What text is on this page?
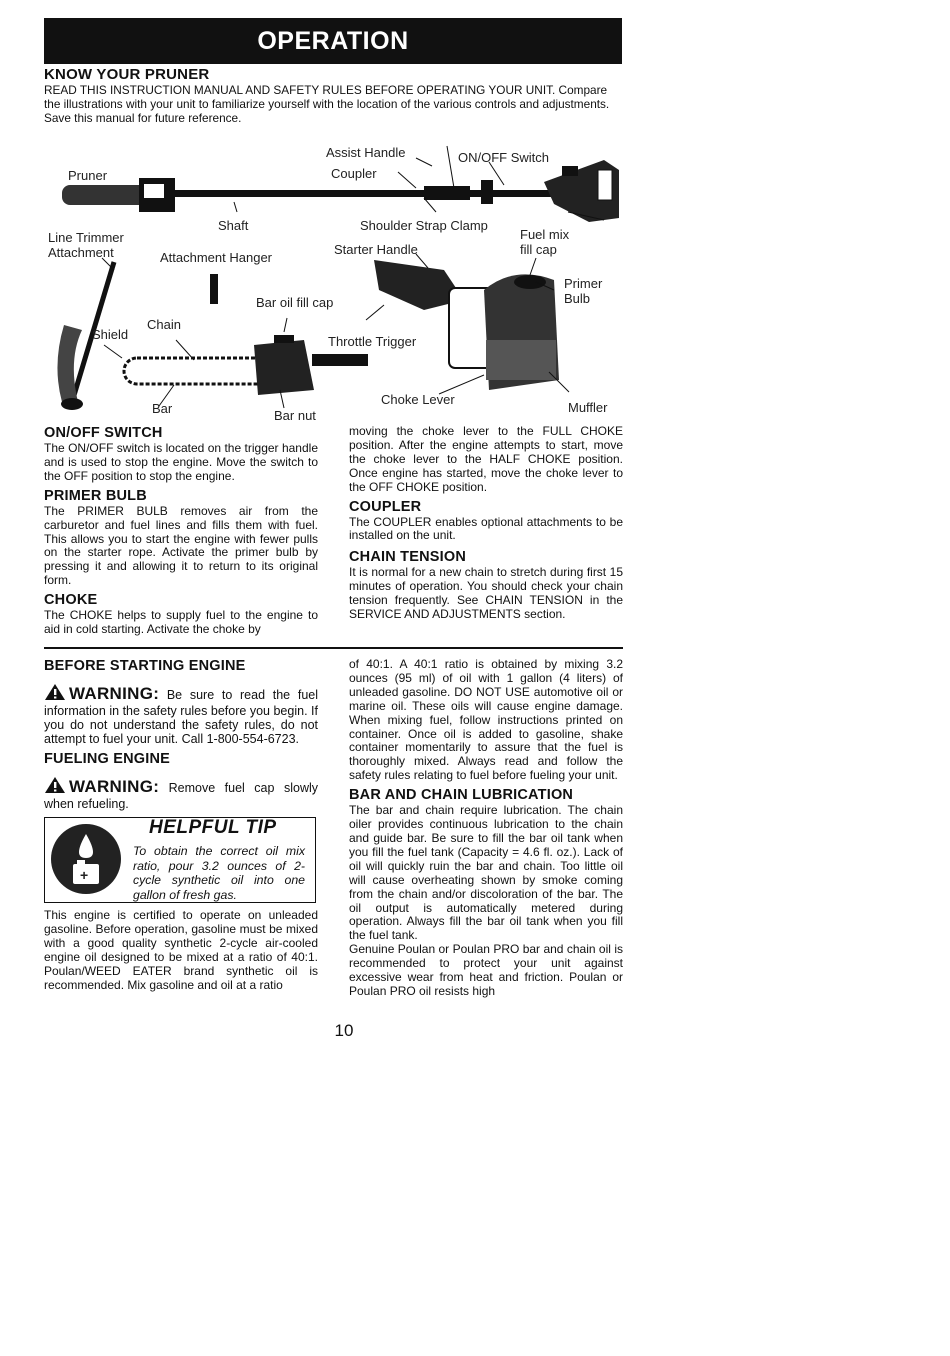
OPERATION
KNOW YOUR PRUNER
READ THIS INSTRUCTION MANUAL AND SAFETY RULES BEFORE OPERATING YOUR UNIT. Compare the illustrations with your unit to familiarize yourself with the location of the various controls and adjustments. Save this manual for future reference.
Pruner
Assist Handle	ON/OFF Switch
Coupler
Shaft	Shoulder Strap Clamp
Fuel mix
fill cap
Line Trimmer
Attachment	Attachment Hanger
Starter Handle
Primer
Bulb
Bar oil fill cap
Chain
Shield	Throttle Trigger
Choke Lever
Muffler
Bar	Bar nut

ON/OFF SWITCH

The ON/OFF switch is located on the trigger handle and is used to stop the engine. Move the switch to the OFF position to stop the engine.

PRIMER BULB

The PRIMER BULB removes air from the carburetor and fuel lines and fills them with fuel. This allows you to start the engine with fewer pulls on the starter rope. Activate the primer bulb by pressing it and allowing it to return to its original form.

CHOKE

The CHOKE helps to supply fuel to the engine to aid in cold starting. Activate the choke by

moving the choke lever to the FULL CHOKE position. After the engine attempts to start, move the choke lever to the HALF CHOKE position. Once engine has started, move the choke lever to the OFF CHOKE position.

COUPLER

The COUPLER enables optional attachments to be installed on the unit.

CHAIN TENSION

It is normal for a new chain to stretch during first 15 minutes of operation. You should check your chain tension frequently. See CHAIN TENSION in the SERVICE AND ADJUSTMENTS section.

BEFORE STARTING ENGINE

WARNING: Be sure to read the fuel information in the safety rules before you begin. If you do not understand the safety rules, do not attempt to fuel your unit. Call 1-800-554-6723.

FUELING ENGINE

WARNING: Remove fuel cap slowly when refueling.

+
HELPFUL TIP
To obtain the correct oil mix ratio, pour 3.2 ounces of 2-cycle synthetic oil into one gallon of fresh gas.

This engine is certified to operate on unleaded gasoline. Before operation, gasoline must be mixed with a good quality synthetic 2-cycle air-cooled engine oil designed to be mixed at a ratio of 40:1. Poulan/WEED EATER brand synthetic oil is recommended. Mix gasoline and oil at a ratio

of 40:1. A 40:1 ratio is obtained by mixing 3.2 ounces (95 ml) of oil with 1 gallon (4 liters) of unleaded gasoline. DO NOT USE automotive oil or marine oil. These oils will cause engine damage. When mixing fuel, follow instructions printed on container. Once oil is added to gasoline, shake container momentarily to assure that the fuel is thoroughly mixed. Always read and follow the safety rules relating to fuel before fueling your unit.

BAR AND CHAIN LUBRICATION

The bar and chain require lubrication. The chain oiler provides continuous lubrication to the chain and guide bar. Be sure to fill the bar oil tank when you fill the fuel tank (Capacity = 4.6 fl. oz.). Lack of oil will quickly ruin the bar and chain. Too little oil will cause overheating shown by smoke coming from the chain and/or discoloration of the bar. The oil output is automatically metered during operation. Always fill the bar oil tank when you fill the fuel tank.

Genuine Poulan or Poulan PRO bar and chain oil is recommended to protect your unit against excessive wear from heat and friction. Poulan or Poulan PRO oil resists high

10
